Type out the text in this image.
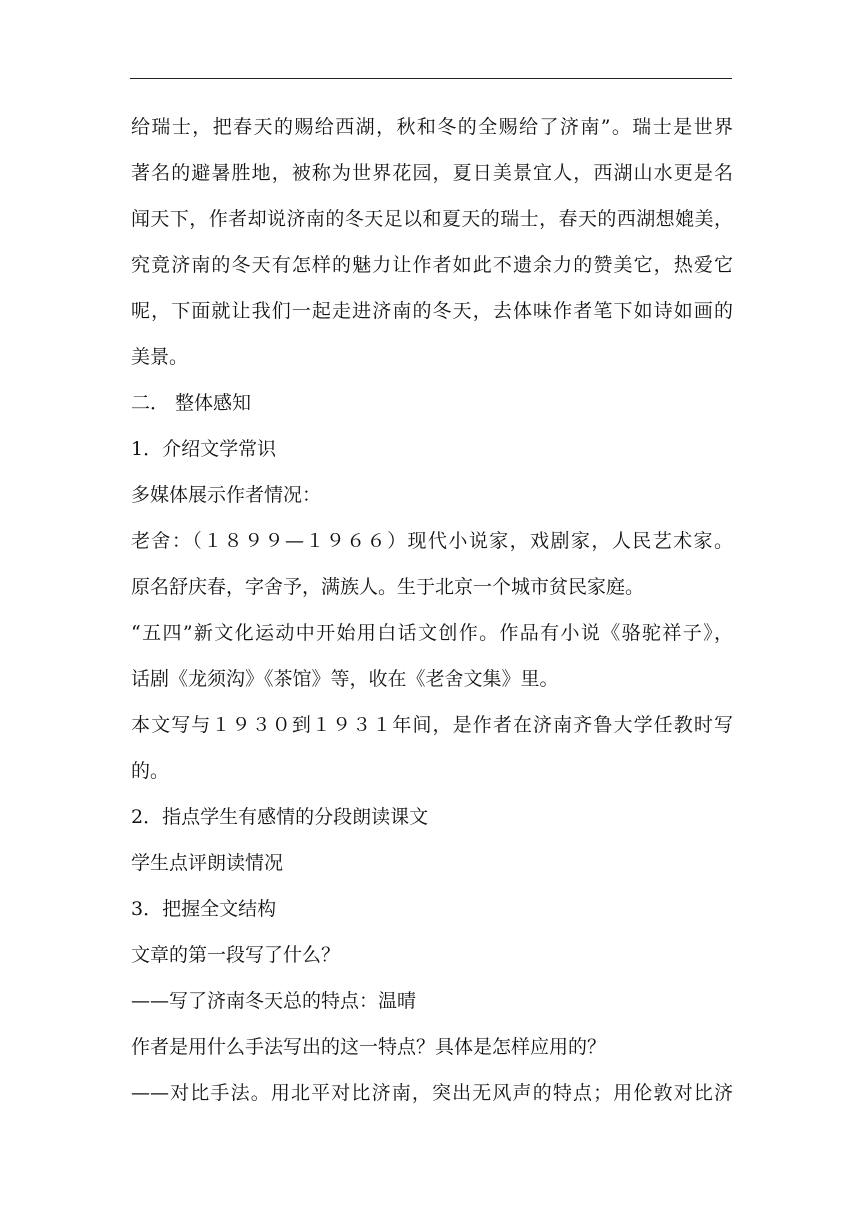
给瑞士，把春天的赐给西湖，秋和冬的全赐给了济南”。瑞士是世界
著名的避暑胜地，被称为世界花园，夏日美景宜人，西湖山水更是名
闻天下，作者却说济南的冬天足以和夏天的瑞士，春天的西湖想媲美，
究竟济南的冬天有怎样的魅力让作者如此不遗余力的赞美它，热爱它
呢，下面就让我们一起走进济南的冬天，去体味作者笔下如诗如画的
美景。
二． 整体感知
1．介绍文学常识
多媒体展示作者情况：
老舍：（１８９９—１９６６）现代小说家，戏剧家，人民艺术家。
原名舒庆春，字舍予，满族人。生于北京一个城市贫民家庭。
“五四”新文化运动中开始用白话文创作。作品有小说《骆驼祥子》，
话剧《龙须沟》《茶馆》等，收在《老舍文集》里。
本文写与１９３０到１９３１年间，是作者在济南齐鲁大学任教时写
的。
2．指点学生有感情的分段朗读课文
学生点评朗读情况
3．把握全文结构
文章的第一段写了什么？
——写了济南冬天总的特点：温晴
作者是用什么手法写出的这一特点？具体是怎样应用的？
——对比手法。用北平对比济南，突出无风声的特点；用伦敦对比济
